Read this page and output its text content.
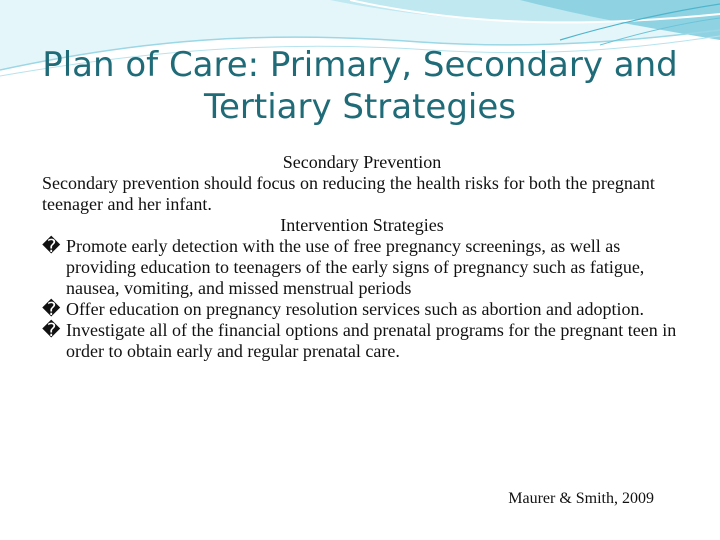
Plan of Care: Primary, Secondary and Tertiary Strategies
Secondary Prevention
Secondary prevention should focus on reducing the health risks for both the pregnant teenager and her infant.
Intervention Strategies
� Promote early detection with the use of free pregnancy screenings, as well as providing education to teenagers of the early signs of pregnancy such as fatigue, nausea, vomiting, and missed menstrual periods
� Offer education on pregnancy resolution services such as abortion and adoption.
� Investigate all of the financial options and prenatal programs for the pregnant teen in order to obtain early and regular prenatal care.
Maurer & Smith, 2009
